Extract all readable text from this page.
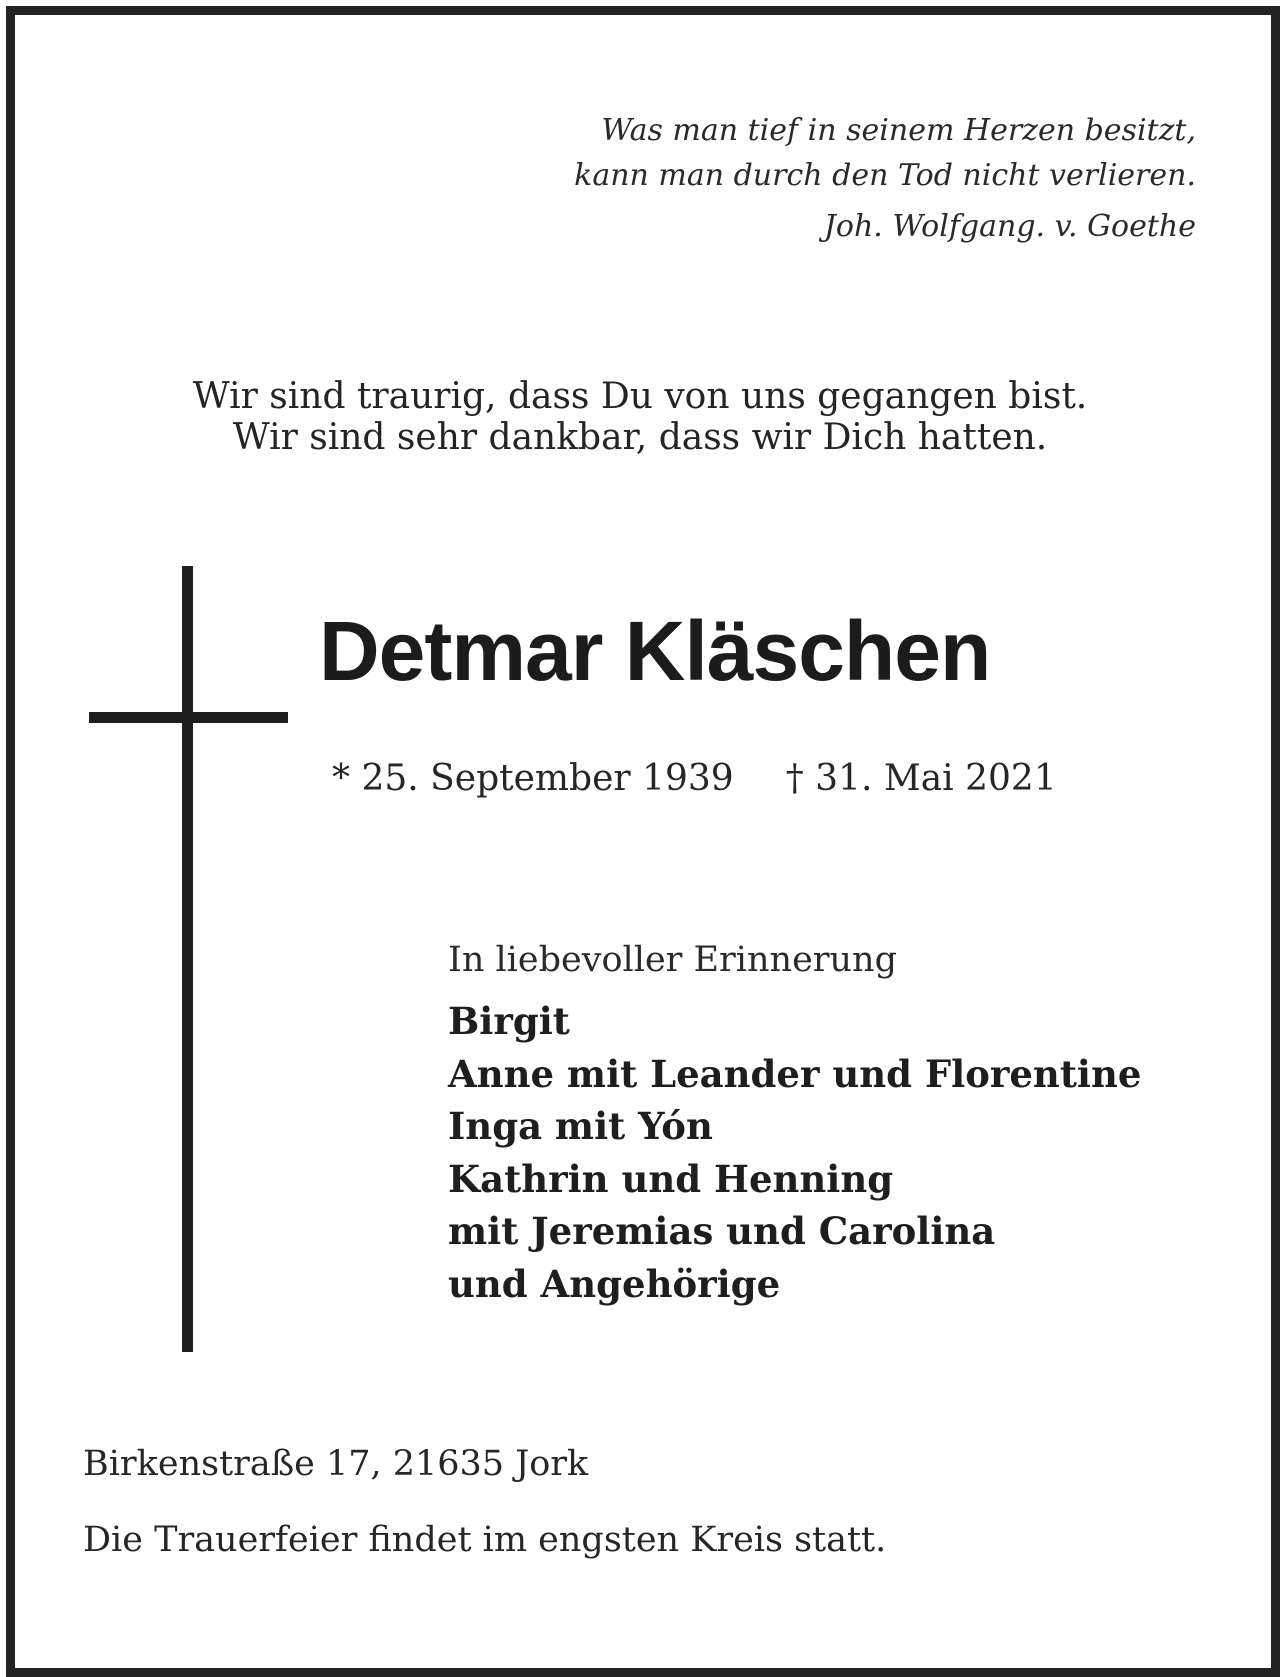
Was man tief in seinem Herzen besitzt,
kann man durch den Tod nicht verlieren.
Joh. Wolfgang. v. Goethe
Wir sind traurig, dass Du von uns gegangen bist.
Wir sind sehr dankbar, dass wir Dich hatten.
Detmar Kläschen
* 25. September 1939 † 31. Mai 2021
In liebevoller Erinnerung
Birgit
Anne mit Leander und Florentine
Inga mit Yón
Kathrin und Henning
mit Jeremias und Carolina
und Angehörige
Birkenstraße 17, 21635 Jork
Die Trauerfeier findet im engsten Kreis statt.
